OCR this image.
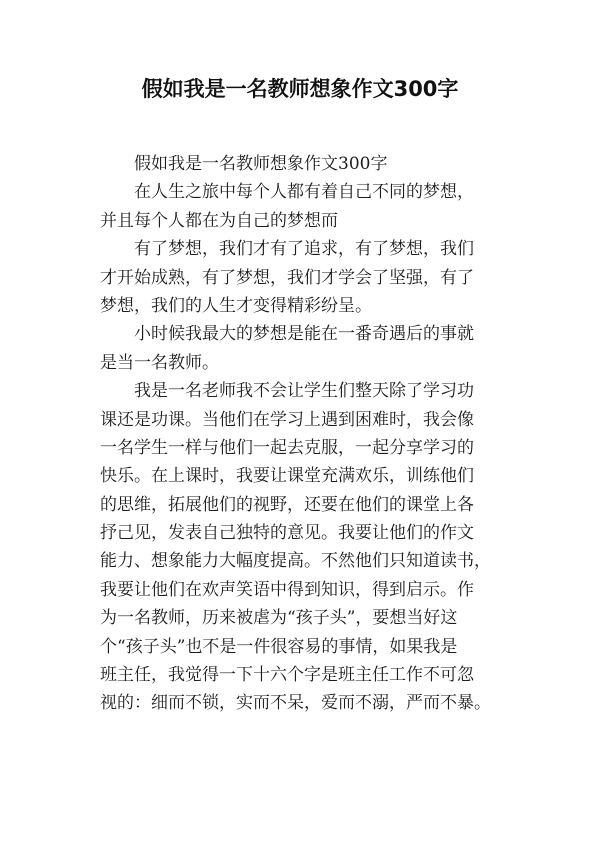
假如我是一名教师想象作文300字

假如我是一名教师想象作文300字

在人生之旅中每个人都有着自己不同的梦想，
并且每个人都在为自己的梦想而

有了梦想，我们才有了追求，有了梦想，我们
才开始成熟，有了梦想，我们才学会了坚强，有了
梦想，我们的人生才变得精彩纷呈。

小时候我最大的梦想是能在一番奇遇后的事就
是当一名教师。

我是一名老师我不会让学生们整天除了学习功
课还是功课。当他们在学习上遇到困难时，我会像
一名学生一样与他们一起去克服，一起分享学习的
快乐。在上课时，我要让课堂充满欢乐，训练他们
的思维，拓展他们的视野，还要在他们的课堂上各
抒己见，发表自己独特的意见。我要让他们的作文
能力、想象能力大幅度提高。不然他们只知道读书，
我要让他们在欢声笑语中得到知识，得到启示。作
为一名教师，历来被虐为“孩子头”，要想当好这
个“孩子头”也不是一件很容易的事情，如果我是
班主任，我觉得一下十六个字是班主任工作不可忽
视的：细而不锁，实而不呆，爱而不溺，严而不暴。
